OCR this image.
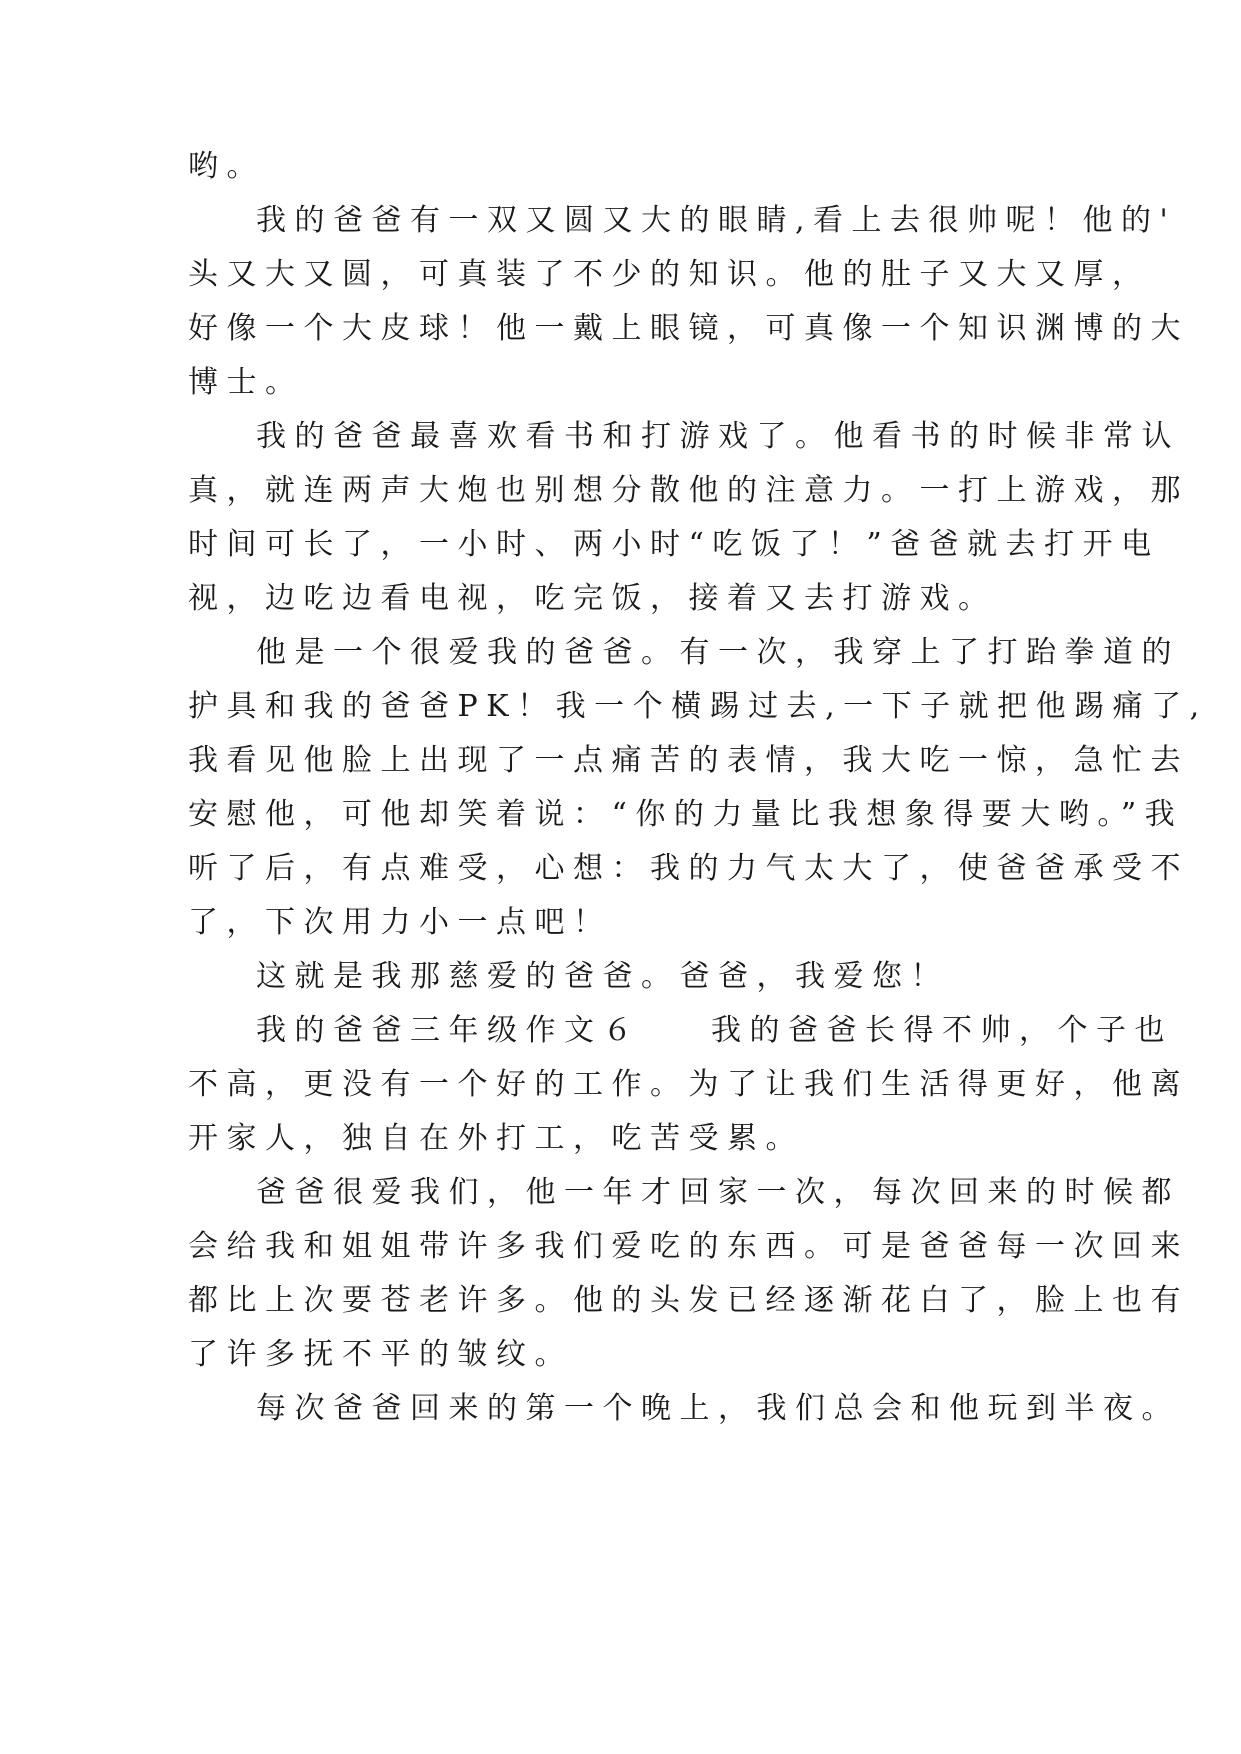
哟。

我的爸爸有一双又圆又大的眼睛,看上去很帅呢！他的'

头又大又圆，可真装了不少的知识。他的肚子又大又厚，

好像一个大皮球！他一戴上眼镜，可真像一个知识渊博的大

博士。

我的爸爸最喜欢看书和打游戏了。他看书的时候非常认

真，就连两声大炮也别想分散他的注意力。一打上游戏，那

时间可长了，一小时、两小时“吃饭了！”爸爸就去打开电

视，边吃边看电视，吃完饭，接着又去打游戏。

他是一个很爱我的爸爸。有一次，我穿上了打跆拳道的

护具和我的爸爸PK！我一个横踢过去,一下子就把他踢痛了,

我看见他脸上出现了一点痛苦的表情，我大吃一惊，急忙去

安慰他，可他却笑着说：“你的力量比我想象得要大哟。”我

听了后，有点难受，心想：我的力气太大了，使爸爸承受不

了，下次用力小一点吧！

这就是我那慈爱的爸爸。爸爸，我爱您！

我的爸爸三年级作文６ 我的爸爸长得不帅，个子也

不高，更没有一个好的工作。为了让我们生活得更好，他离

开家人，独自在外打工，吃苦受累。

爸爸很爱我们，他一年才回家一次，每次回来的时候都

会给我和姐姐带许多我们爱吃的东西。可是爸爸每一次回来

都比上次要苍老许多。他的头发已经逐渐花白了，脸上也有

了许多抚不平的皱纹。

每次爸爸回来的第一个晚上，我们总会和他玩到半夜。
